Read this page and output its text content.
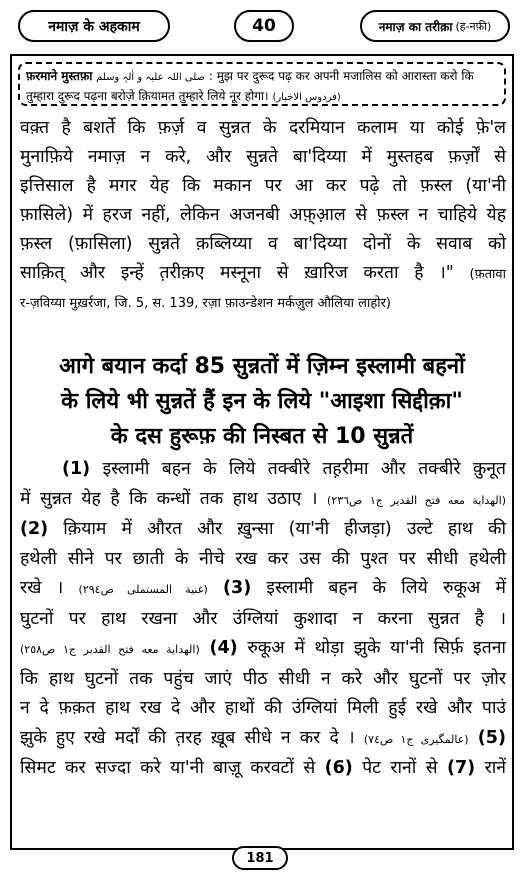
नमाज़ के अहकाम	40	नमाज़ का तरीक़ा (ह-नफ़ी)
फ़रमाने मुस्तफ़ा صلی اللہ علیہ و اٰلہٖ وسلم : मुझ पर दुरूद पढ़ कर अपनी मजालिस को आरास्ता करो कि तुम्हारा दुरूद पढ़ना बरोज़े क़ियामत तुम्हारे लिये नूर होगा। (فردوس الاخبار)
वक़्त है बशर्ते कि फ़र्ज़ व सुन्नत के दरमियान कलाम या कोई फ़े'ल
मुनाफ़िये नमाज़ न करे, और सुन्नते बा'दिय्या में मुस्तहब फ़र्ज़ों से
इत्तिसाल है मगर येह कि मकान पर आ कर पढ़े तो फ़स्ल (या'नी
फ़ासिले) में हरज नहीं, लेकिन अजनबी अफ़्आ़ल से फ़स्ल न चाहिये येह
फ़स्ल (फ़ासिला) सुन्नते क़ब्लिय्या व बा'दिय्या दोनों के सवाब को
साक़ित् और इन्हें त़रीक़ए मस्नूना से ख़ारिज करता है ।" (फ़तावा
र-ज़विय्या मुख़र्रजा, जि. 5, स. 139, रज़ा फ़ाउन्डेशन मर्कज़ुल औलिया लाहोर)
आगे बयान कर्दा 85 सुन्नतों में ज़िम्न इस्लामी बहनों
के लिये भी सुन्नतें हैं इन के लिये "आइशा सिद्दीक़ा"
के दस हुरूफ़ की निस्बत से 10 सुन्नतें
(1) इस्लामी बहन के लिये तक्बीरे तह़रीमा और तक्बीरे क़ुनूत
में सुन्नत येह है कि कन्धों तक हाथ उठाए । (الهداية معه فتح القدير ج١ ص٢٣٦)
(2) क़ियाम में औरत और ख़ुन्सा (या'नी हीजड़ा) उल्टे हाथ की
हथेली सीने पर छाती के नीचे रख कर उस की पुश्त पर सीधी हथेली
रखे । (غنية المستملى ص٢٩٤) (3) इस्लामी बहन के लिये रुकूअ में
घुटनों पर हाथ रखना और उंग्लियां कुशादा न करना सुन्नत है ।
(الهداية معه فتح القدير ج١ ص٢٥٨) (4) रुकूअ में थोड़ा झुके या'नी सिर्फ़ इतना
कि हाथ घुटनों तक पहुंच जाएं पीठ सीधी न करे और घुटनों पर ज़ोर
न दे फ़क़त हाथ रख दे और हाथों की उंग्लियां मिली हुई रखे और पाउं
झुके हुए रखे मर्दों की त़रह ख़ूब सीधे न कर दे । (عالمگیری ج١ ص٧٤) (5)
सिमट कर सज्दा करे या'नी बाज़ू करवटों से (6) पेट रानों से (7) रानें
181
